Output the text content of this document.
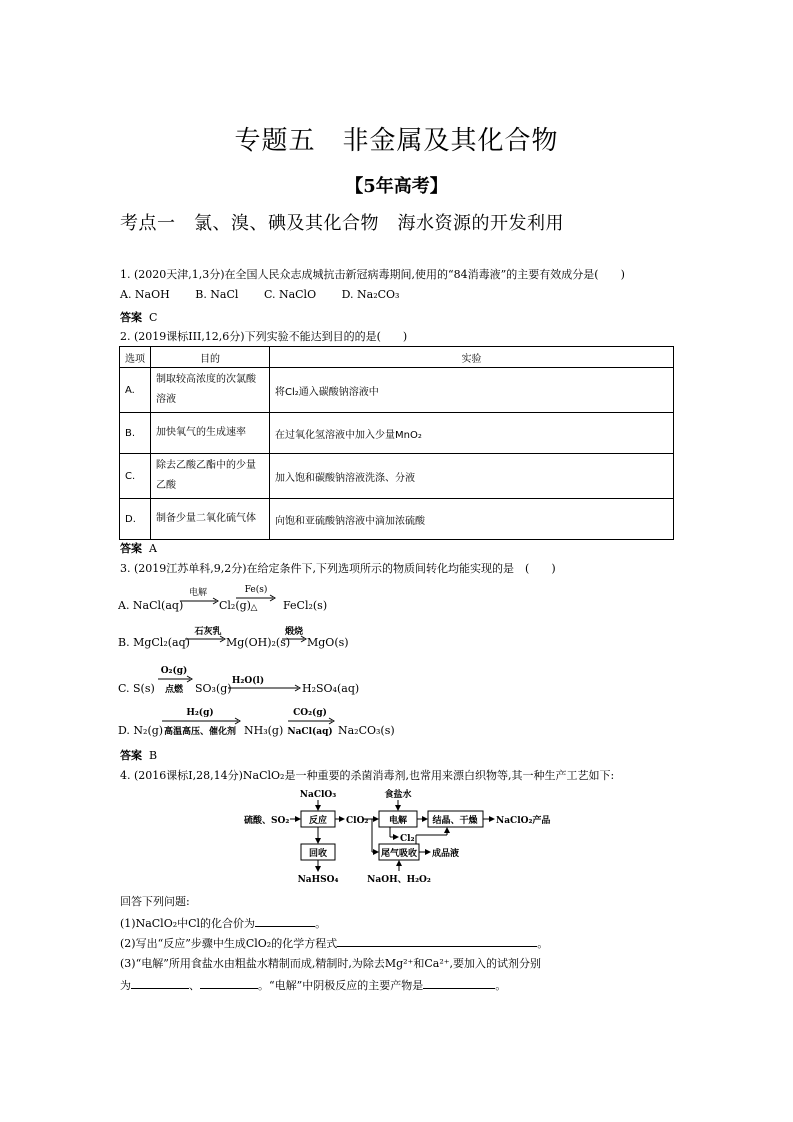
专题五　非金属及其化合物
【5年高考】
考点一　氯、溴、碘及其化合物　海水资源的开发利用
1. (2020天津,1,3分)在全国人民众志成城抗击新冠病毒期间,使用的“84消毒液”的主要有效成分是(　　)
A. NaOH B. NaCl C. NaClO D. Na₂CO₃
答案 C
2. (2019课标III,12,6分)下列实验不能达到目的的是(　　)
选项	目的	实验
A.	制取较高浓度的次氯酸溶液	将Cl₂通入碳酸钠溶液中
B.	加快氧气的生成速率	在过氧化氢溶液中加入少量MnO₂
C.	除去乙酸乙酯中的少量乙酸	加入饱和碳酸钠溶液洗涤、分液
D.	制备少量二氧化硫气体	向饱和亚硫酸钠溶液中滴加浓硫酸
答案 A
3. (2019江苏单科,9,2分)在给定条件下,下列选项所示的物质间转化均能实现的是　(　　)
A. NaCl(aq)
电解
Cl₂(g)
Fe(s)
△ FeCl₂(s)
B. MgCl₂(aq)
石灰乳
Mg(OH)₂(s)
煅烧
MgO(s)
C. S(s)
O₂(g)
点燃 SO₃(g)
H₂O(l)
H₂SO₄(aq)
D. N₂(g)
H₂(g)
高温高压、催化剂 NH₃(g)
CO₂(g)
NaCl(aq) Na₂CO₃(s)
答案 B
4. (2016课标I,28,14分)NaClO₂是一种重要的杀菌消毒剂,也常用来漂白织物等,其一种生产工艺如下:
NaClO₃
硫酸、SO₂ 反应 ClO₂
食盐水
电解	结晶、干燥 NaClO₂产品
Cl₂
回收
NaHSO₄
尾气吸收 成品液
NaOH、H₂O₂
回答下列问题:
(1)NaClO₂中Cl的化合价为	。
(2)写出“反应”步骤中生成ClO₂的化学方程式	。
(3)“电解”所用食盐水由粗盐水精制而成,精制时,为除去Mg²⁺和Ca²⁺,要加入的试剂分别
为	、	。“电解”中阴极反应的主要产物是	。
